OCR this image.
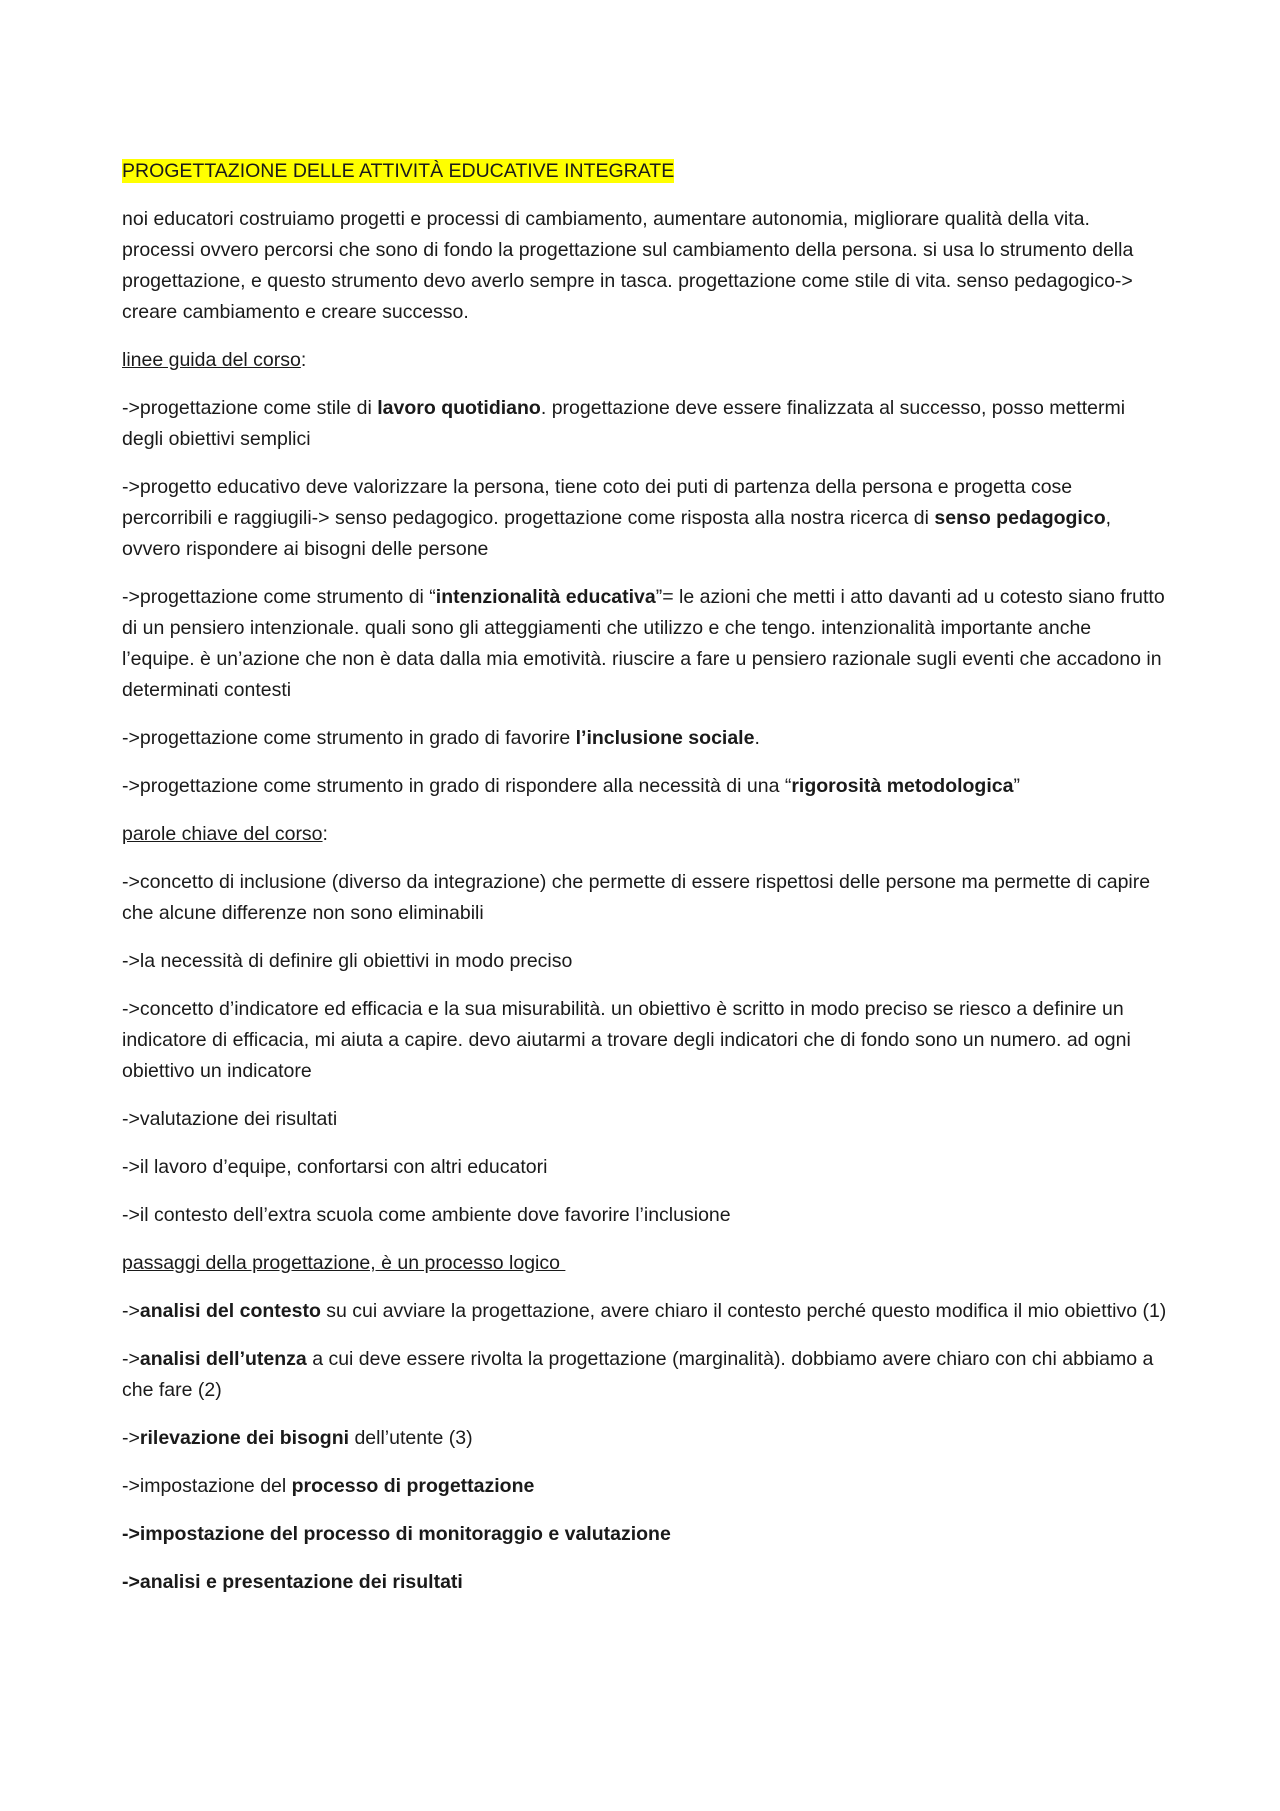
PROGETTAZIONE DELLE ATTIVITÀ EDUCATIVE INTEGRATE

noi educatori costruiamo progetti e processi di cambiamento, aumentare autonomia, migliorare qualità della vita. processi ovvero percorsi che sono di fondo la progettazione sul cambiamento della persona. si usa lo strumento della progettazione, e questo strumento devo averlo sempre in tasca. progettazione come stile di vita. senso pedagogico-> creare cambiamento e creare successo.

linee guida del corso:

->progettazione come stile di lavoro quotidiano. progettazione deve essere finalizzata al successo, posso mettermi degli obiettivi semplici

->progetto educativo deve valorizzare la persona, tiene coto dei puti di partenza della persona e progetta cose percorribili e raggiugili-> senso pedagogico. progettazione come risposta alla nostra ricerca di senso pedagogico, ovvero rispondere ai bisogni delle persone

->progettazione come strumento di “intenzionalità educativa”= le azioni che metti i atto davanti ad u cotesto siano frutto di un pensiero intenzionale. quali sono gli atteggiamenti che utilizzo e che tengo. intenzionalità importante anche l’equipe. è un’azione che non è data dalla mia emotività. riuscire a fare u pensiero razionale sugli eventi che accadono in determinati contesti

->progettazione come strumento in grado di favorire l’inclusione sociale.

->progettazione come strumento in grado di rispondere alla necessità di una “rigorosità metodologica”

parole chiave del corso:

->concetto di inclusione (diverso da integrazione) che permette di essere rispettosi delle persone ma permette di capire che alcune differenze non sono eliminabili

->la necessità di definire gli obiettivi in modo preciso

->concetto d’indicatore ed efficacia e la sua misurabilità. un obiettivo è scritto in modo preciso se riesco a definire un indicatore di efficacia, mi aiuta a capire. devo aiutarmi a trovare degli indicatori che di fondo sono un numero. ad ogni obiettivo un indicatore

->valutazione dei risultati

->il lavoro d’equipe, confortarsi con altri educatori

->il contesto dell’extra scuola come ambiente dove favorire l’inclusione

passaggi della progettazione, è un processo logico

->analisi del contesto su cui avviare la progettazione, avere chiaro il contesto perché questo modifica il mio obiettivo (1)

->analisi dell’utenza a cui deve essere rivolta la progettazione (marginalità). dobbiamo avere chiaro con chi abbiamo a che fare (2)

->rilevazione dei bisogni dell’utente (3)

->impostazione del processo di progettazione

->impostazione del processo di monitoraggio e valutazione

->analisi e presentazione dei risultati
